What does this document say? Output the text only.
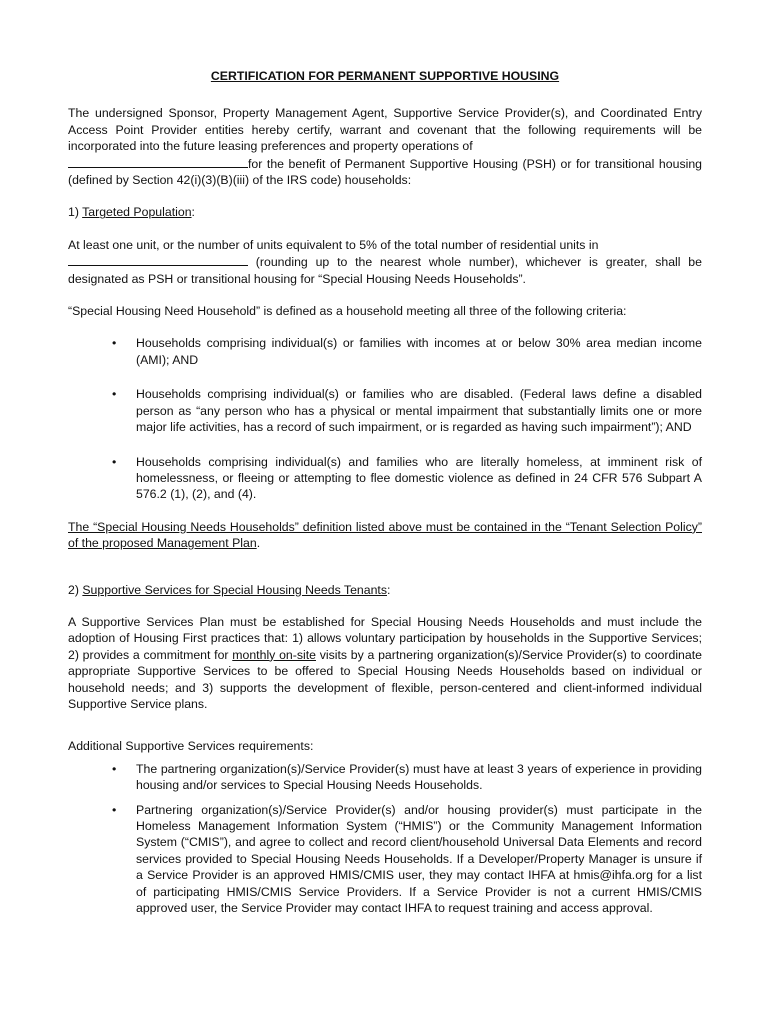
CERTIFICATION FOR PERMANENT SUPPORTIVE HOUSING

The undersigned Sponsor, Property Management Agent, Supportive Service Provider(s), and Coordinated Entry Access Point Provider entities hereby certify, warrant and covenant that the following requirements will be incorporated into the future leasing preferences and property operations of
for the benefit of Permanent Supportive Housing (PSH) or for transitional housing (defined by Section 42(i)(3)(B)(iii) of the IRS code) households:

1) Targeted Population:

At least one unit, or the number of units equivalent to 5% of the total number of residential units in
(rounding up to the nearest whole number), whichever is greater, shall be designated as PSH or transitional housing for “Special Housing Needs Households”.

“Special Housing Need Household” is defined as a household meeting all three of the following criteria:

• Households comprising individual(s) or families with incomes at or below 30% area median income (AMI); AND
• Households comprising individual(s) or families who are disabled. (Federal laws define a disabled person as “any person who has a physical or mental impairment that substantially limits one or more major life activities, has a record of such impairment, or is regarded as having such impairment”); AND
• Households comprising individual(s) and families who are literally homeless, at imminent risk of homelessness, or fleeing or attempting to flee domestic violence as defined in 24 CFR 576 Subpart A 576.2 (1), (2), and (4).

The “Special Housing Needs Households” definition listed above must be contained in the “Tenant Selection Policy” of the proposed Management Plan.

2) Supportive Services for Special Housing Needs Tenants:

A Supportive Services Plan must be established for Special Housing Needs Households and must include the adoption of Housing First practices that: 1) allows voluntary participation by households in the Supportive Services; 2) provides a commitment for monthly on-site visits by a partnering organization(s)/Service Provider(s) to coordinate appropriate Supportive Services to be offered to Special Housing Needs Households based on individual or household needs; and 3) supports the development of flexible, person-centered and client-informed individual Supportive Service plans.

Additional Supportive Services requirements:

• The partnering organization(s)/Service Provider(s) must have at least 3 years of experience in providing housing and/or services to Special Housing Needs Households.
• Partnering organization(s)/Service Provider(s) and/or housing provider(s) must participate in the Homeless Management Information System (“HMIS”) or the Community Management Information System (“CMIS”), and agree to collect and record client/household Universal Data Elements and record services provided to Special Housing Needs Households. If a Developer/Property Manager is unsure if a Service Provider is an approved HMIS/CMIS user, they may contact IHFA at hmis@ihfa.org for a list of participating HMIS/CMIS Service Providers. If a Service Provider is not a current HMIS/CMIS approved user, the Service Provider may contact IHFA to request training and access approval.
